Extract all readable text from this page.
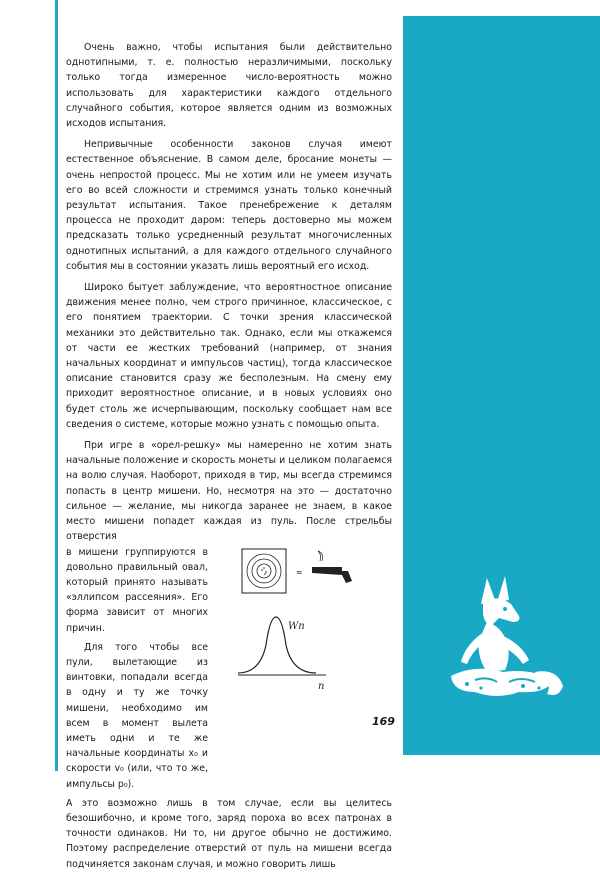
Очень важно, чтобы испытания были действительно однотипными, т. е. полностью неразличимыми, поскольку только тогда измеренное число-вероятность можно использовать для характеристики каждого отдельного случайного события, которое является одним из возможных исходов испытания.

Непривычные особенности законов случая имеют естественное объяснение. В самом деле, бросание монеты — очень непростой процесс. Мы не хотим или не умеем изучать его во всей сложности и стремимся узнать только конечный результат испытания. Такое пренебрежение к деталям процесса не проходит даром: теперь достоверно мы можем предсказать только усредненный результат многочисленных однотипных испытаний, а для каждого отдельного случайного события мы в состоянии указать лишь вероятный его исход.

Широко бытует заблуждение, что вероятностное описание движения менее полно, чем строго причинное, классическое, с его понятием траектории. С точки зрения классической механики это действительно так. Однако, если мы откажемся от части ее жестких требований (например, от знания начальных координат и импульсов частиц), тогда классическое описание становится сразу же бесполезным. На смену ему приходит вероятностное описание, и в новых условиях оно будет столь же исчерпывающим, поскольку сообщает нам все сведения о системе, которые можно узнать с помощью опыта.

При игре в «орел-решку» мы намеренно не хотим знать начальные положение и скорость монеты и целиком полагаемся на волю случая. Наоборот, приходя в тир, мы всегда стремимся попасть в центр мишени. Но, несмотря на это — достаточно сильное — желание, мы никогда заранее не знаем, в какое место мишени попадет каждая из пуль. После стрельбы отверстия

в мишени группируются в довольно правильный овал, который принято называть «эллипсом рассеяния». Его форма зависит от многих причин.

Для того чтобы все пули, вылетающие из винтовки, попадали всегда в одну и ту же точку мишени, необходимо им всем в момент вылета иметь одни и те же начальные координаты x₀ и скорости v₀ (или, что то же, импульсы p₀).

≈
Wn
n

А это возможно лишь в том случае, если вы целитесь безошибочно, и кроме того, заряд пороха во всех патронах в точности одинаков. Ни то, ни другое обычно не достижимо. Поэтому распределение отверстий от пуль на мишени всегда подчиняется законам случая, и можно говорить лишь

169
